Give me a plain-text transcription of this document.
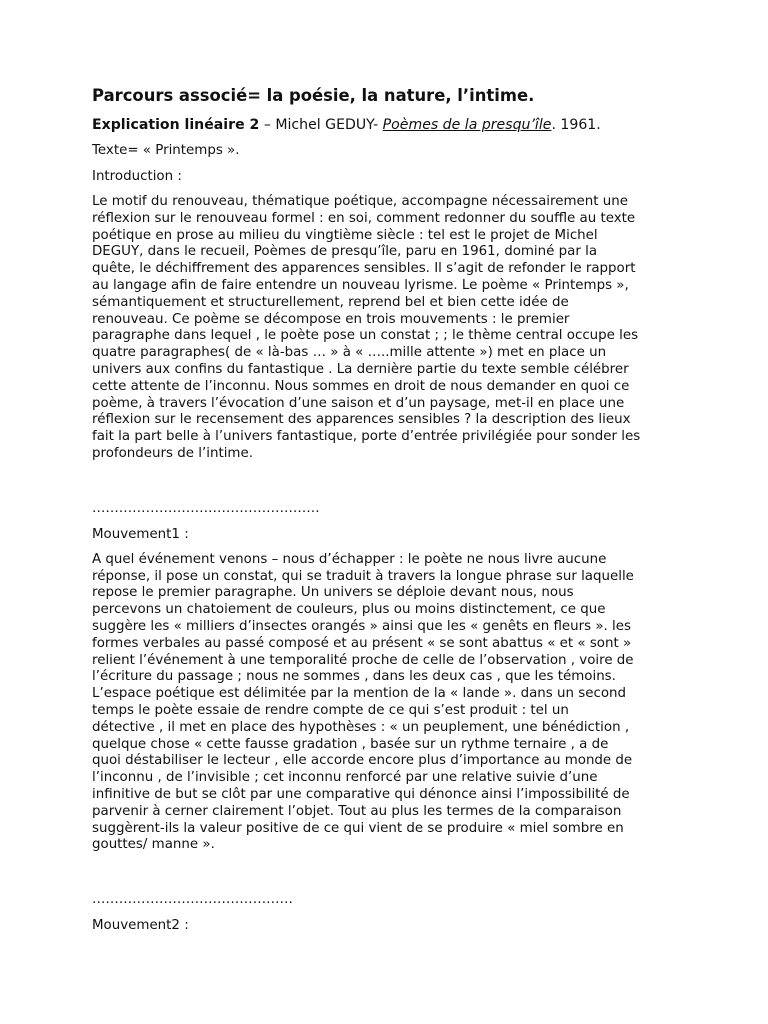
Parcours associé= la poésie, la nature, l’intime.
Explication linéaire 2 – Michel GEDUY- Poèmes de la presqu’île. 1961.
Texte= « Printemps ».
Introduction :
Le motif du renouveau, thématique poétique, accompagne nécessairement une
réflexion sur le renouveau formel : en soi, comment redonner du souffle au texte
poétique en prose au milieu du vingtième siècle : tel est le projet de Michel
DEGUY, dans le recueil, Poèmes de presqu’île, paru en 1961, dominé par la
quête, le déchiffrement des apparences sensibles. Il s’agit de refonder le rapport
au langage afin de faire entendre un nouveau lyrisme. Le poème « Printemps »,
sémantiquement et structurellement, reprend bel et bien cette idée de
renouveau. Ce poème se décompose en trois mouvements : le premier
paragraphe dans lequel , le poète pose un constat ; ; le thème central occupe les
quatre paragraphes( de « là-bas … » à « …..mille attente ») met en place un
univers aux confins du fantastique . La dernière partie du texte semble célébrer
cette attente de l’inconnu. Nous sommes en droit de nous demander en quoi ce
poème, à travers l’évocation d’une saison et d’un paysage, met-il en place une
réflexion sur le recensement des apparences sensibles ? la description des lieux
fait la part belle à l’univers fantastique, porte d’entrée privilégiée pour sonder les
profondeurs de l’intime.
……………………………………………
Mouvement1 :
A quel événement venons – nous d’échapper : le poète ne nous livre aucune
réponse, il pose un constat, qui se traduit à travers la longue phrase sur laquelle
repose le premier paragraphe. Un univers se déploie devant nous, nous
percevons un chatoiement de couleurs, plus ou moins distinctement, ce que
suggère les « milliers d’insectes orangés » ainsi que les « genêts en fleurs ». les
formes verbales au passé composé et au présent « se sont abattus « et « sont »
relient l’événement à une temporalité proche de celle de l’observation , voire de
l’écriture du passage ; nous ne sommes , dans les deux cas , que les témoins.
L’espace poétique est délimitée par la mention de la « lande ». dans un second
temps le poète essaie de rendre compte de ce qui s’est produit : tel un
détective , il met en place des hypothèses : « un peuplement, une bénédiction ,
quelque chose « cette fausse gradation , basée sur un rythme ternaire , a de
quoi déstabiliser le lecteur , elle accorde encore plus d’importance au monde de
l’inconnu , de l’invisible ; cet inconnu renforcé par une relative suivie d’une
infinitive de but se clôt par une comparative qui dénonce ainsi l’impossibilité de
parvenir à cerner clairement l’objet. Tout au plus les termes de la comparaison
suggèrent-ils la valeur positive de ce qui vient de se produire « miel sombre en
gouttes/ manne ».
………………………………………
Mouvement2 :
